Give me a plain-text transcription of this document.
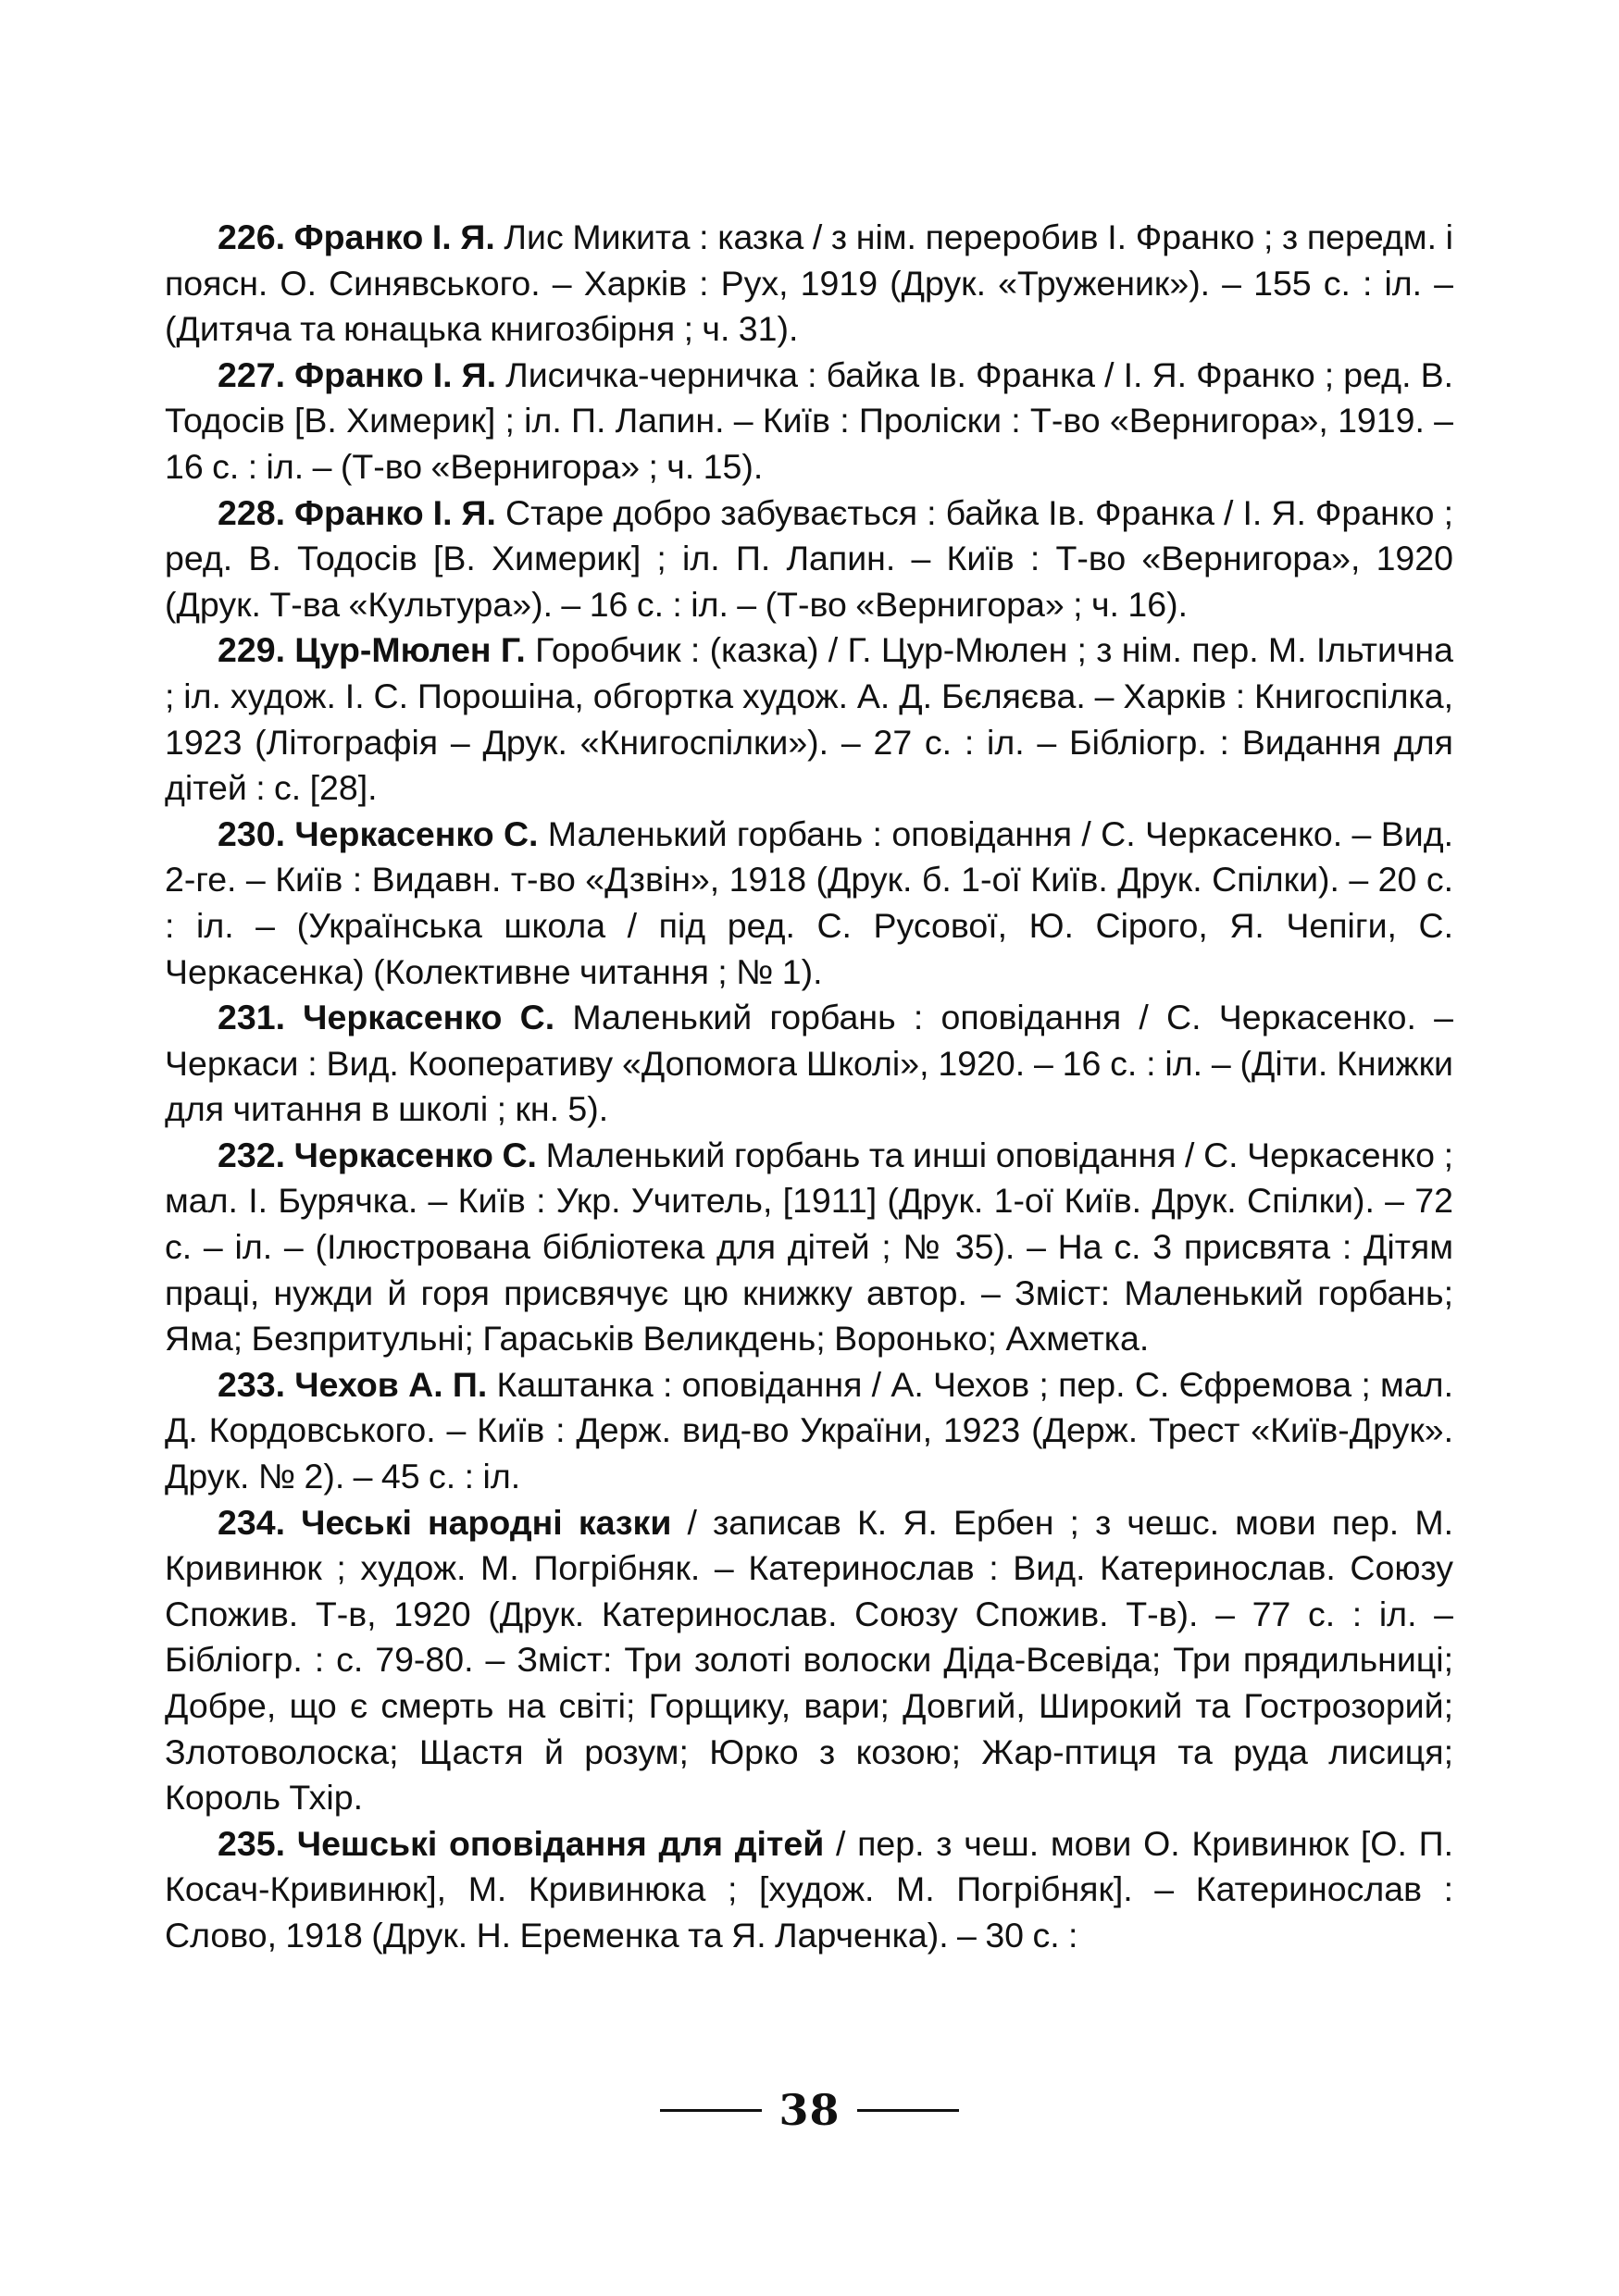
226. Франко І. Я. Лис Микита : казка / з нім. переробив І. Франко ; з передм. і поясн. О. Синявського. – Харків : Рух, 1919 (Друк. «Труженик»). – 155 с. : іл. – (Дитяча та юнацька книгозбірня ; ч. 31).

227. Франко І. Я. Лисичка-черничка : байка Ів. Франка / І. Я. Франко ; ред. В. Тодосів [В. Химерик] ; іл. П. Лапин. – Київ : Проліски : Т-во «Вернигора», 1919. – 16 с. : іл. – (Т-во «Вернигора» ; ч. 15).

228. Франко І. Я. Старе добро забувається : байка Ів. Франка / І. Я. Франко ; ред. В. Тодосів [В. Химерик] ; іл. П. Лапин. – Київ : Т-во «Вернигора», 1920 (Друк. Т-ва «Культура»). – 16 с. : іл. – (Т-во «Вернигора» ; ч. 16).

229. Цур-Мюлен Г. Горобчик : (казка) / Г. Цур-Мюлен ; з нім. пер. М. Ільтична ; іл. худож. І. С. Порошіна, обгортка худож. А. Д. Бєляєва. – Харків : Книгоспілка, 1923 (Літографія – Друк. «Книгоспілки»). – 27 с. : іл. – Бібліогр. : Видання для дітей : с. [28].

230. Черкасенко С. Маленький горбань : оповідання / С. Черкасенко. – Вид. 2-ге. – Київ : Видавн. т-во «Дзвін», 1918 (Друк. б. 1-ої Київ. Друк. Спілки). – 20 с. : іл. – (Українська школа / під ред. С. Русової, Ю. Сірого, Я. Чепіги, С. Черкасенка) (Колективне читання ; № 1).

231. Черкасенко С. Маленький горбань : оповідання / С. Черкасенко. – Черкаси : Вид. Кооперативу «Допомога Школі», 1920. – 16 с. : іл. – (Діти. Книжки для читання в школі ; кн. 5).

232. Черкасенко С. Маленький горбань та инші оповідання / С. Черкасенко ; мал. І. Бурячка. – Київ : Укр. Учитель, [1911] (Друк. 1-ої Київ. Друк. Спілки). – 72 с. – іл. – (Ілюстрована бібліотека для дітей ; № 35). – На с. 3 присвята : Дітям праці, нужди й горя присвячує цю книжку автор. – Зміст: Маленький горбань; Яма; Безпритульні; Гараськів Великдень; Воронько; Ахметка.

233. Чехов А. П. Каштанка : оповідання / А. Чехов ; пер. С. Єфремова ; мал. Д. Кордовського. – Київ : Держ. вид-во України, 1923 (Держ. Трест «Київ-Друк». Друк. № 2). – 45 с. : іл.

234. Чеські народні казки / записав К. Я. Ербен ; з чешс. мови пер. М. Кривинюк ; худож. М. Погрібняк. – Катеринослав : Вид. Катеринослав. Союзу Спожив. Т-в, 1920 (Друк. Катеринослав. Союзу Спожив. Т-в). – 77 с. : іл. – Бібліогр. : с. 79-80. – Зміст: Три золоті волоски Діда-Всевіда; Три прядильниці; Добре, що є смерть на світі; Горщику, вари; Довгий, Широкий та Гострозорий; Злотоволоска; Щастя й розум; Юрко з козою; Жар-птиця та руда лисиця; Король Тхір.

235. Чешські оповідання для дітей / пер. з чеш. мови О. Кривинюк [О. П. Косач-Кривинюк], М. Кривинюка ; [худож. М. Погрібняк]. – Катеринослав : Слово, 1918 (Друк. Н. Еременка та Я. Ларченка). – 30 с. :

38
